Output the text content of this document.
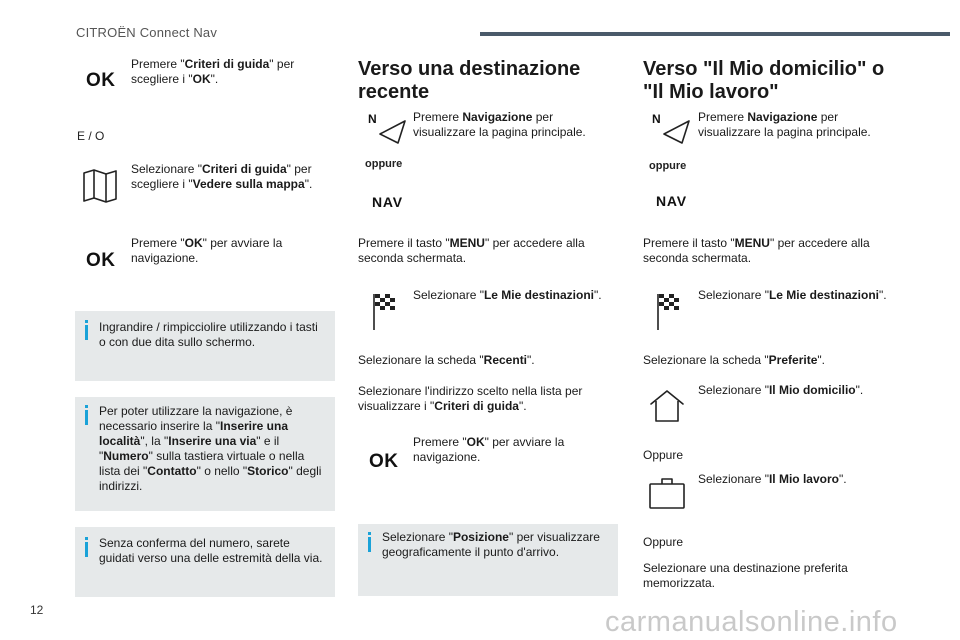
CITROËN Connect Nav
OK
Premere "Criteri di guida" per scegliere i "OK".
E / O
Selezionare "Criteri di guida" per scegliere i "Vedere sulla mappa".
OK
Premere "OK" per avviare la navigazione.
Ingrandire / rimpicciolire utilizzando i tasti o con due dita sullo schermo.
Per poter utilizzare la navigazione, è necessario inserire la "Inserire una località", la "Inserire una via" e il "Numero" sulla tastiera virtuale o nella lista dei "Contatto" o nello "Storico" degli indirizzi.
Senza conferma del numero, sarete guidati verso una delle estremità della via.
Verso una destinazione recente
N	Premere Navigazione per visualizzare la pagina principale.
oppure
NAV
Premere il tasto "MENU" per accedere alla seconda schermata.
Selezionare "Le Mie destinazioni".
Selezionare la scheda "Recenti".
Selezionare l'indirizzo scelto nella lista per visualizzare i "Criteri di guida".
OK
Premere "OK" per avviare la navigazione.
Selezionare "Posizione" per visualizzare geograficamente il punto d'arrivo.
Verso "Il Mio domicilio" o "Il Mio lavoro"
N	Premere Navigazione per visualizzare la pagina principale.
oppure
NAV
Premere il tasto "MENU" per accedere alla seconda schermata.
Selezionare "Le Mie destinazioni".
Selezionare la scheda "Preferite".
Selezionare "Il Mio domicilio".
Oppure
Selezionare "Il Mio lavoro".
Oppure
Selezionare una destinazione preferita memorizzata.
12	carmanualsonline.info
